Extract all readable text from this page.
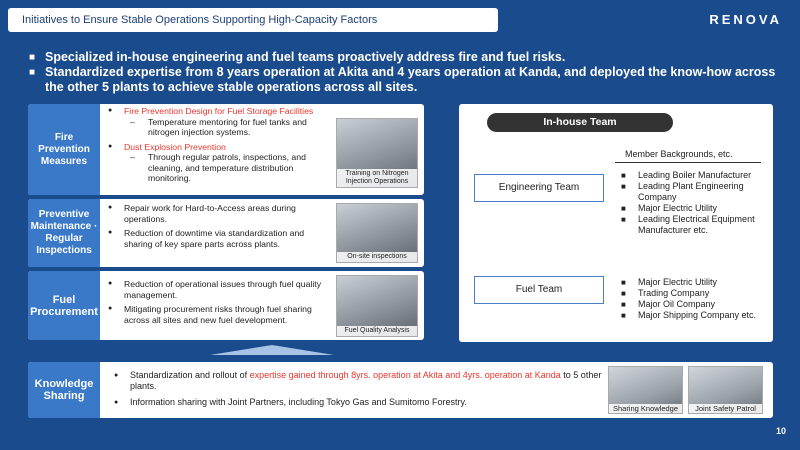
Initiatives to Ensure Stable Operations Supporting High-Capacity Factors	RENOVA
■ Specialized in-house engineering and fuel teams proactively address fire and fuel risks.
■ Standardized expertise from 8 years operation at Akita and 4 years operation at Kanda, and deployed the know-how across the other 5 plants to achieve stable operations across all sites.
Fire Prevention Measures
● Fire Prevention Design for Fuel Storage Facilities
– Temperature mentoring for fuel tanks and nitrogen injection systems.
● Dust Explosion Prevention
– Through regular patrols, inspections, and cleaning, and temperature distribution monitoring.	Training on Nitrogen Injection Operations
Preventive Maintenance · Regular Inspections
● Repair work for Hard-to-Access areas during operations.
● Reduction of downtime via standardization and sharing of key spare parts across plants.
On-site inspections
Fuel Procurement
● Reduction of operational issues through fuel quality management.
● Mitigating procurement risks through fuel sharing across all sites and new fuel development.
Fuel Quality Analysis
In-house Team
Member Backgrounds, etc.
Engineering Team
■ Leading Boiler Manufacturer
■ Leading Plant Engineering Company
■ Major Electric Utility
■ Leading Electrical Equipment Manufacturer etc.
Fuel Team
■ Major Electric Utility
■ Trading Company
■ Major Oil Company
■ Major Shipping Company etc.
Knowledge Sharing
● Standardization and rollout of expertise gained through 8yrs. operation at Akita and 4yrs. operation at Kanda to 5 other plants.
● Information sharing with Joint Partners, including Tokyo Gas and Sumitomo Forestry.
Sharing Knowledge	Joint Safety Patrol
10
